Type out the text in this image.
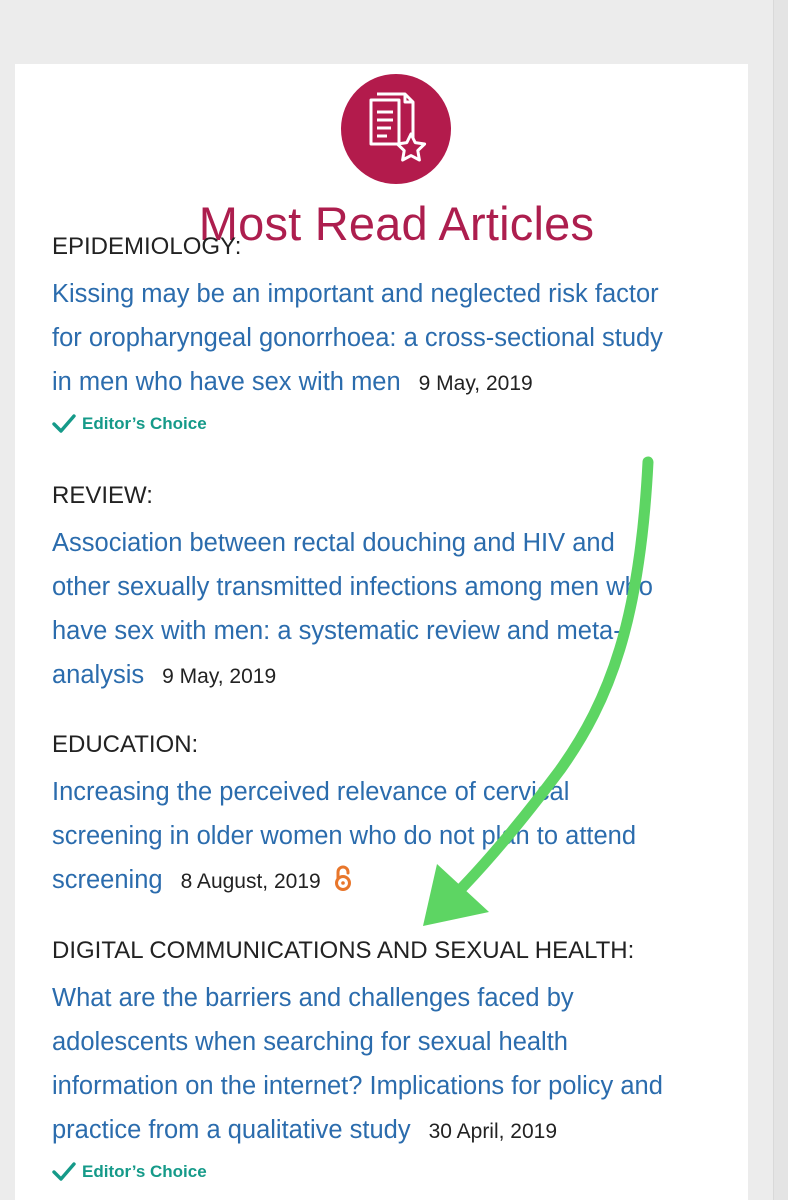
Most Read Articles
EPIDEMIOLOGY:
Kissing may be an important and neglected risk factor
for oropharyngeal gonorrhoea: a cross-sectional study
in men who have sex with men 9 May, 2019
Editor’s Choice
REVIEW:
Association between rectal douching and HIV and
other sexually transmitted infections among men who
have sex with men: a systematic review and meta-
analysis 9 May, 2019
EDUCATION:
Increasing the perceived relevance of cervical
screening in older women who do not plan to attend
screening 8 August, 2019
DIGITAL COMMUNICATIONS AND SEXUAL HEALTH:
What are the barriers and challenges faced by
adolescents when searching for sexual health
information on the internet? Implications for policy and
practice from a qualitative study 30 April, 2019
Editor’s Choice
